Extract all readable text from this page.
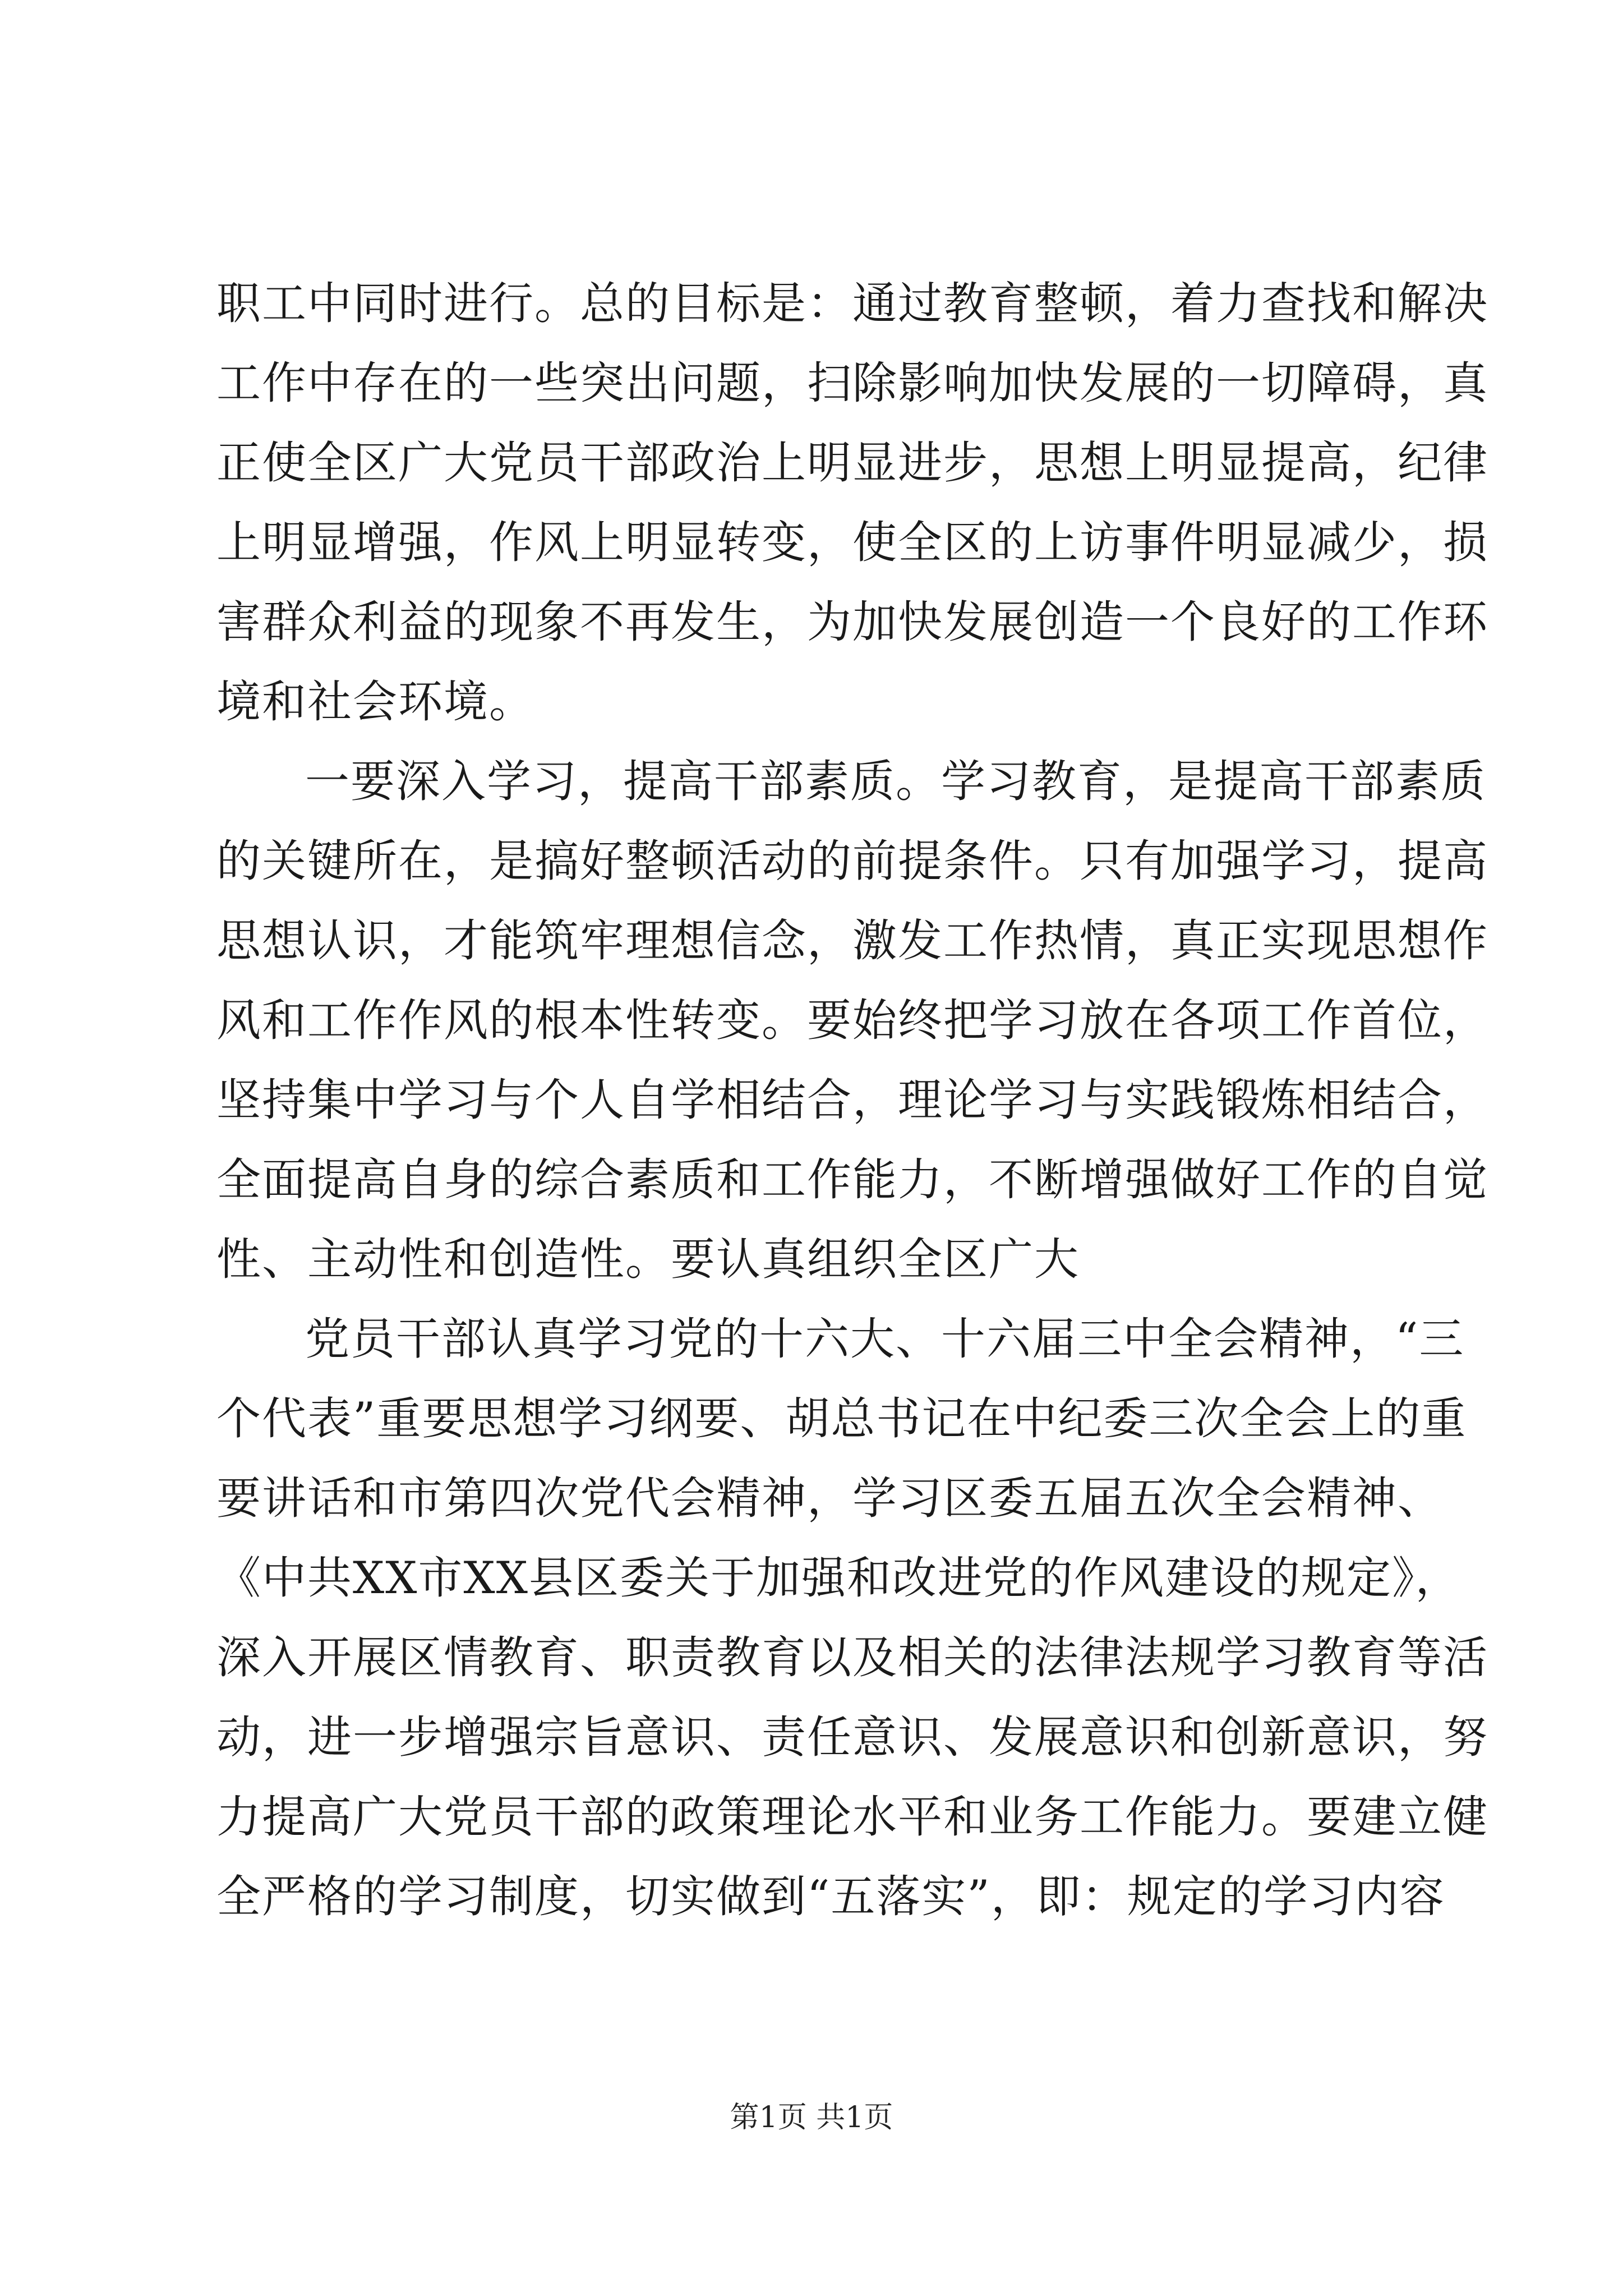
职工中同时进行。总的目标是：通过教育整顿，着力查找和解决
工作中存在的一些突出问题，扫除影响加快发展的一切障碍，真
正使全区广大党员干部政治上明显进步，思想上明显提高，纪律
上明显增强，作风上明显转变，使全区的上访事件明显减少，损
害群众利益的现象不再发生，为加快发展创造一个良好的工作环
境和社会环境。
一要深入学习，提高干部素质。学习教育，是提高干部素质
的关键所在，是搞好整顿活动的前提条件。只有加强学习，提高
思想认识，才能筑牢理想信念，激发工作热情，真正实现思想作
风和工作作风的根本性转变。要始终把学习放在各项工作首位，
坚持集中学习与个人自学相结合，理论学习与实践锻炼相结合，
全面提高自身的综合素质和工作能力，不断增强做好工作的自觉
性、主动性和创造性。要认真组织全区广大
党员干部认真学习党的十六大、十六届三中全会精神，“三
个代表”重要思想学习纲要、胡总书记在中纪委三次全会上的重
要讲话和市第四次党代会精神，学习区委五届五次全会精神、
《中共XX市XX县区委关于加强和改进党的作风建设的规定》，
深入开展区情教育、职责教育以及相关的法律法规学习教育等活
动，进一步增强宗旨意识、责任意识、发展意识和创新意识，努
力提高广大党员干部的政策理论水平和业务工作能力。要建立健
全严格的学习制度，切实做到“五落实”，即：规定的学习内容
第1页 共1页
